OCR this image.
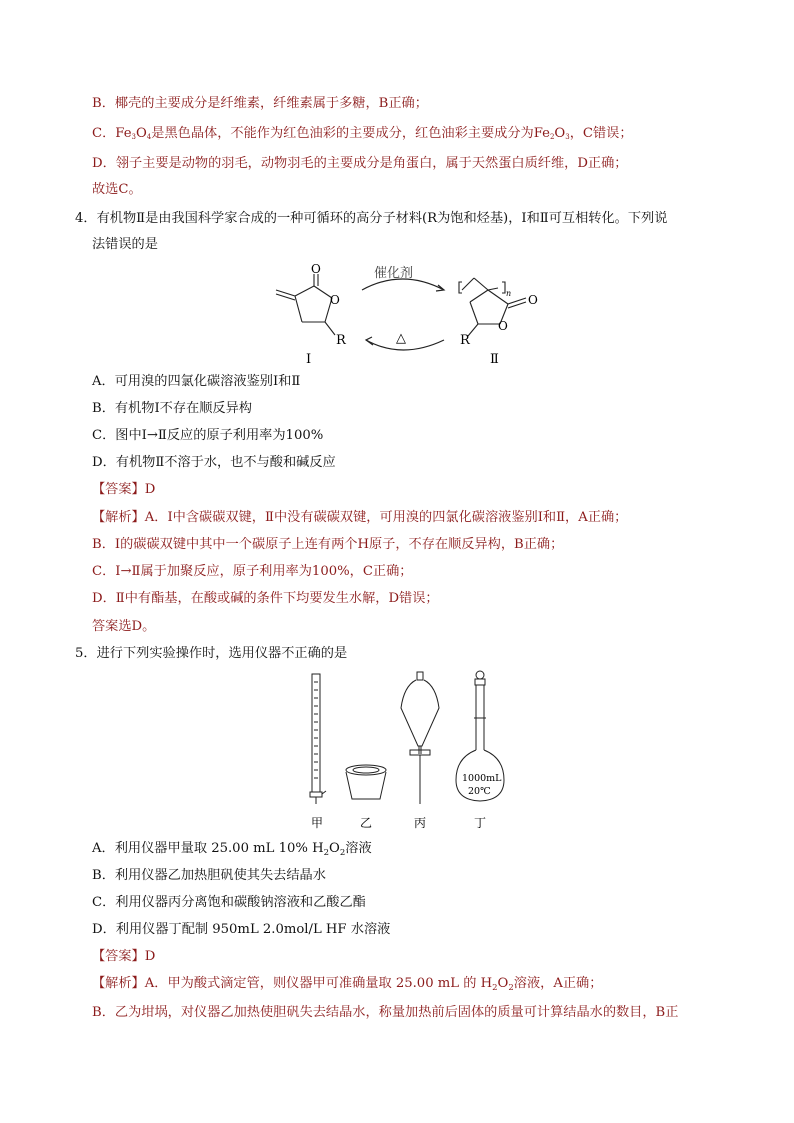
B．椰壳的主要成分是纤维素，纤维素属于多糖，B正确；
C．Fe3O4是黑色晶体，不能作为红色油彩的主要成分，红色油彩主要成分为Fe2O3，C错误；
D．翎子主要是动物的羽毛，动物羽毛的主要成分是角蛋白，属于天然蛋白质纤维，D正确；
故选C。
4．有机物Ⅱ是由我国科学家合成的一种可循环的高分子材料(R为饱和烃基)，Ⅰ和Ⅱ可互相转化。下列说
法错误的是
O
O
R
Ⅰ
催化剂
△
n O
O
R
Ⅱ
A．可用溴的四氯化碳溶液鉴别Ⅰ和Ⅱ
B．有机物Ⅰ不存在顺反异构
C．图中Ⅰ→Ⅱ反应的原子利用率为100%
D．有机物Ⅱ不溶于水，也不与酸和碱反应
【答案】D
【解析】A．Ⅰ中含碳碳双键，Ⅱ中没有碳碳双键，可用溴的四氯化碳溶液鉴别Ⅰ和Ⅱ，A正确；
B．Ⅰ的碳碳双键中其中一个碳原子上连有两个H原子，不存在顺反异构，B正确；
C．Ⅰ→Ⅱ属于加聚反应，原子利用率为100%，C正确；
D．Ⅱ中有酯基，在酸或碱的条件下均要发生水解，D错误；
答案选D。
5．进行下列实验操作时，选用仪器不正确的是
1000mL
20℃
甲	乙	丙	丁
A．利用仪器甲量取 25.00 mL 10% $H_2O_2$溶液
B．利用仪器乙加热胆矾使其失去结晶水
C．利用仪器丙分离饱和碳酸钠溶液和乙酸乙酯
D．利用仪器丁配制 950mL 2.0mol/L HF 水溶液
【答案】D
【解析】A．甲为酸式滴定管，则仪器甲可准确量取 25.00 mL 的 $H_2O_2$溶液，A正确；
B．乙为坩埚，对仪器乙加热使胆矾失去结晶水，称量加热前后固体的质量可计算结晶水的数目，B正
